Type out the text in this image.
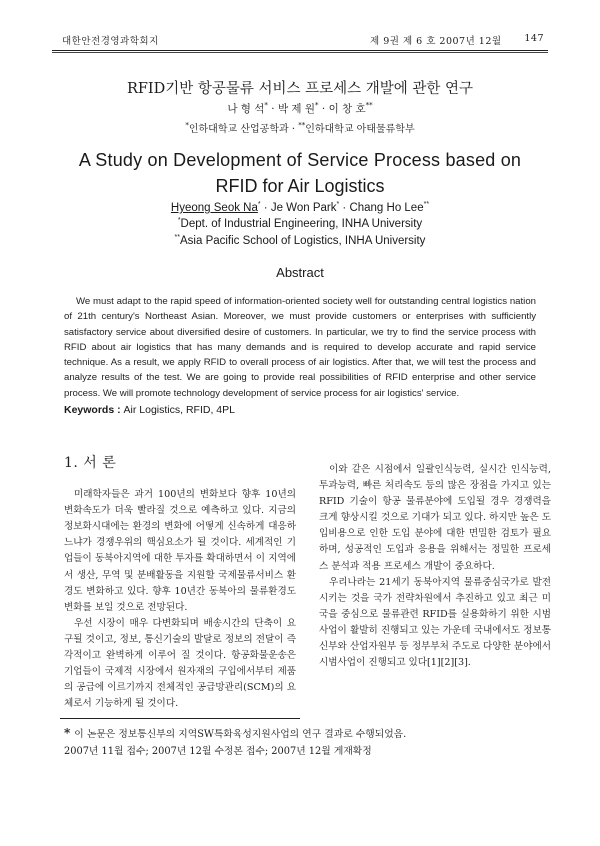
대한안전경영과학회지	제 9권 제 6 호 2007년 12월 147
RFID기반 항공물류 서비스 프로세스 개발에 관한 연구
나 형 석* · 박 제 원* · 이 창 호**
*인하대학교 산업공학과 · **인하대학교 아태물류학부
A Study on Development of Service Process based on
RFID for Air Logistics
Hyeong Seok Na* · Je Won Park* · Chang Ho Lee**
*Dept. of Industrial Engineering, INHA University
**Asia Pacific School of Logistics, INHA University
Abstract
We must adapt to the rapid speed of information-oriented society well for outstanding central logistics nation of 21th century's Northeast Asian. Moreover, we must provide customers or enterprises with sufficiently satisfactory service about diversified desire of customers. In particular, we try to find the service process with RFID about air logistics that has many demands and is required to develop accurate and rapid service technique. As a result, we apply RFID to overall process of air logistics. After that, we will test the process and analyze results of the test. We are going to provide real possibilities of RFID enterprise and other service process. We will promote technology development of service process for air logistics' service.
Keywords : Air Logistics, RFID, 4PL
1. 서 론

미래학자들은 과거 100년의 변화보다 향후 10년의 변화속도가 더욱 빨라질 것으로 예측하고 있다. 지금의 정보화시대에는 환경의 변화에 어떻게 신속하게 대응하느냐가 경쟁우위의 핵심요소가 될 것이다. 세계적인 기업들이 동북아지역에 대한 투자를 확대하면서 이 지역에서 생산, 무역 및 분배활동을 지원할 국제물류서비스 환경도 변화하고 있다. 향후 10년간 동북아의 물류환경도 변화를 보일 것으로 전망된다.

우선 시장이 매우 다변화되며 배송시간의 단축이 요구될 것이고, 정보, 통신기술의 발달로 정보의 전달이 즉각적이고 완벽하게 이루어 질 것이다. 항공화물운송은 기업들이 국제적 시장에서 원자재의 구입에서부터 제품의 공급에 이르기까지 전체적인 공급망관리(SCM)의 요체로서 기능하게 될 것이다.

이와 같은 시점에서 일괄인식능력, 실시간 인식능력, 투과능력, 빠른 처리속도 등의 많은 장점을 가지고 있는 RFID 기술이 항공 물류분야에 도입될 경우 경쟁력을 크게 향상시킬 것으로 기대가 되고 있다. 하지만 높은 도입비용으로 인한 도입 분야에 대한 면밀한 검토가 필요하며, 성공적인 도입과 응용을 위해서는 정밀한 프로세스 분석과 적용 프로세스 개발이 중요하다.

우리나라는 21세기 동북아지역 물류중심국가로 발전시키는 것을 국가 전략차원에서 추진하고 있고 최근 미국을 중심으로 물류관련 RFID를 실용화하기 위한 시범사업이 활발히 진행되고 있는 가운데 국내에서도 정보통신부와 산업자원부 등 정부부처 주도로 다양한 분야에서 시범사업이 진행되고 있다[1][2][3].

* 이 논문은 정보통신부의 지역SW특화육성지원사업의 연구 결과로 수행되었음.
2007년 11월 접수; 2007년 12월 수정본 접수; 2007년 12월 게재확정
